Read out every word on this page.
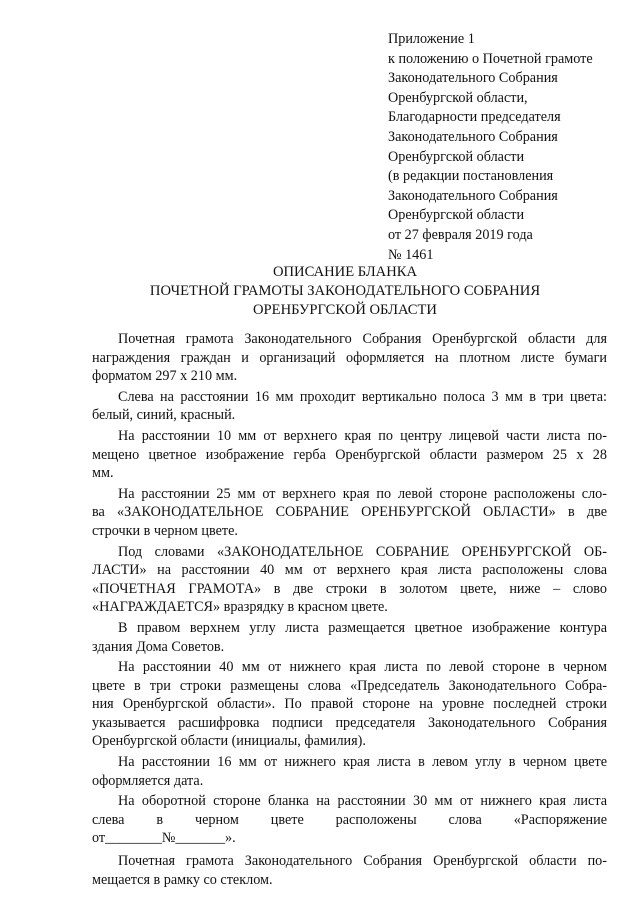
Приложение 1
к положению о Почетной грамоте
Законодательного Собрания
Оренбургской области,
Благодарности председателя
Законодательного Собрания
Оренбургской области
(в редакции постановления
Законодательного Собрания
Оренбургской области
от 27 февраля 2019 года
№ 1461
ОПИСАНИЕ БЛАНКА
ПОЧЕТНОЙ ГРАМОТЫ ЗАКОНОДАТЕЛЬНОГО СОБРАНИЯ
ОРЕНБУРГСКОЙ ОБЛАСТИ
Почетная грамота Законодательного Собрания Оренбургской области для
награждения граждан и организаций оформляется на плотном листе бумаги
форматом 297 х 210 мм.
Слева на расстоянии 16 мм проходит вертикально полоса 3 мм в три цвета:
белый, синий, красный.
На расстоянии 10 мм от верхнего края по центру лицевой части листа по-
мещено цветное изображение герба Оренбургской области размером 25 х 28
мм.
На расстоянии 25 мм от верхнего края по левой стороне расположены сло-
ва «ЗАКОНОДАТЕЛЬНОЕ СОБРАНИЕ ОРЕНБУРГСКОЙ ОБЛАСТИ» в две
строчки в черном цвете.
Под словами «ЗАКОНОДАТЕЛЬНОЕ СОБРАНИЕ ОРЕНБУРГСКОЙ ОБ-
ЛАСТИ» на расстоянии 40 мм от верхнего края листа расположены слова
«ПОЧЕТНАЯ ГРАМОТА» в две строки в золотом цвете, ниже – слово
«НАГРАЖДАЕТСЯ» вразрядку в красном цвете.
В правом верхнем углу листа размещается цветное изображение контура
здания Дома Советов.
На расстоянии 40 мм от нижнего края листа по левой стороне в черном
цвете в три строки размещены слова «Председатель Законодательного Собра-
ния Оренбургской области». По правой стороне на уровне последней строки
указывается расшифровка подписи председателя Законодательного Собрания
Оренбургской области (инициалы, фамилия).
На расстоянии 16 мм от нижнего края листа в левом углу в черном цвете
оформляется дата.
На оборотной стороне бланка на расстоянии 30 мм от нижнего края листа
слева в черном цвете расположены слова «Распоряжение
от________№_______».
Почетная грамота Законодательного Собрания Оренбургской области по-
мещается в рамку со стеклом.
